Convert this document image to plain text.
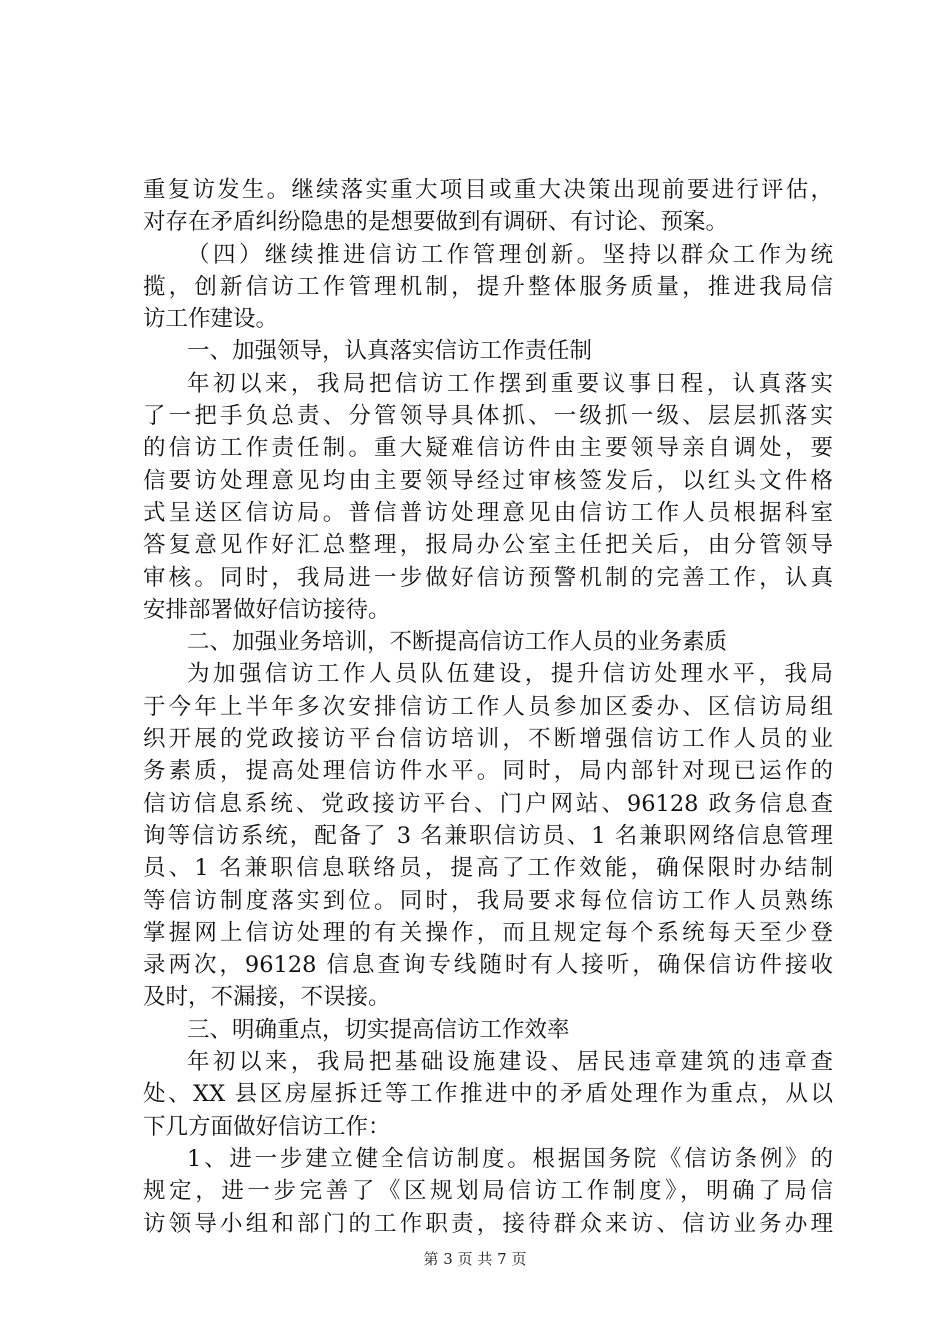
重复访发生。继续落实重大项目或重大决策出现前要进行评估，
对存在矛盾纠纷隐患的是想要做到有调研、有讨论、预案。
（四）继续推进信访工作管理创新。坚持以群众工作为统
揽，创新信访工作管理机制，提升整体服务质量，推进我局信
访工作建设。
一、加强领导，认真落实信访工作责任制
年初以来，我局把信访工作摆到重要议事日程，认真落实
了一把手负总责、分管领导具体抓、一级抓一级、层层抓落实
的信访工作责任制。重大疑难信访件由主要领导亲自调处，要
信要访处理意见均由主要领导经过审核签发后，以红头文件格
式呈送区信访局。普信普访处理意见由信访工作人员根据科室
答复意见作好汇总整理，报局办公室主任把关后，由分管领导
审核。同时，我局进一步做好信访预警机制的完善工作，认真
安排部署做好信访接待。
二、加强业务培训，不断提高信访工作人员的业务素质
为加强信访工作人员队伍建设，提升信访处理水平，我局
于今年上半年多次安排信访工作人员参加区委办、区信访局组
织开展的党政接访平台信访培训，不断增强信访工作人员的业
务素质，提高处理信访件水平。同时，局内部针对现已运作的
信访信息系统、党政接访平台、门户网站、96128 政务信息查
询等信访系统，配备了 3 名兼职信访员、1 名兼职网络信息管理
员、1 名兼职信息联络员，提高了工作效能，确保限时办结制
等信访制度落实到位。同时，我局要求每位信访工作人员熟练
掌握网上信访处理的有关操作，而且规定每个系统每天至少登
录两次，96128 信息查询专线随时有人接听，确保信访件接收
及时，不漏接，不误接。
三、明确重点，切实提高信访工作效率
年初以来，我局把基础设施建设、居民违章建筑的违章查
处、XX 县区房屋拆迁等工作推进中的矛盾处理作为重点，从以
下几方面做好信访工作：
1、进一步建立健全信访制度。根据国务院《信访条例》的
规定，进一步完善了《区规划局信访工作制度》，明确了局信
访领导小组和部门的工作职责，接待群众来访、信访业务办理
第 3 页 共 7 页
